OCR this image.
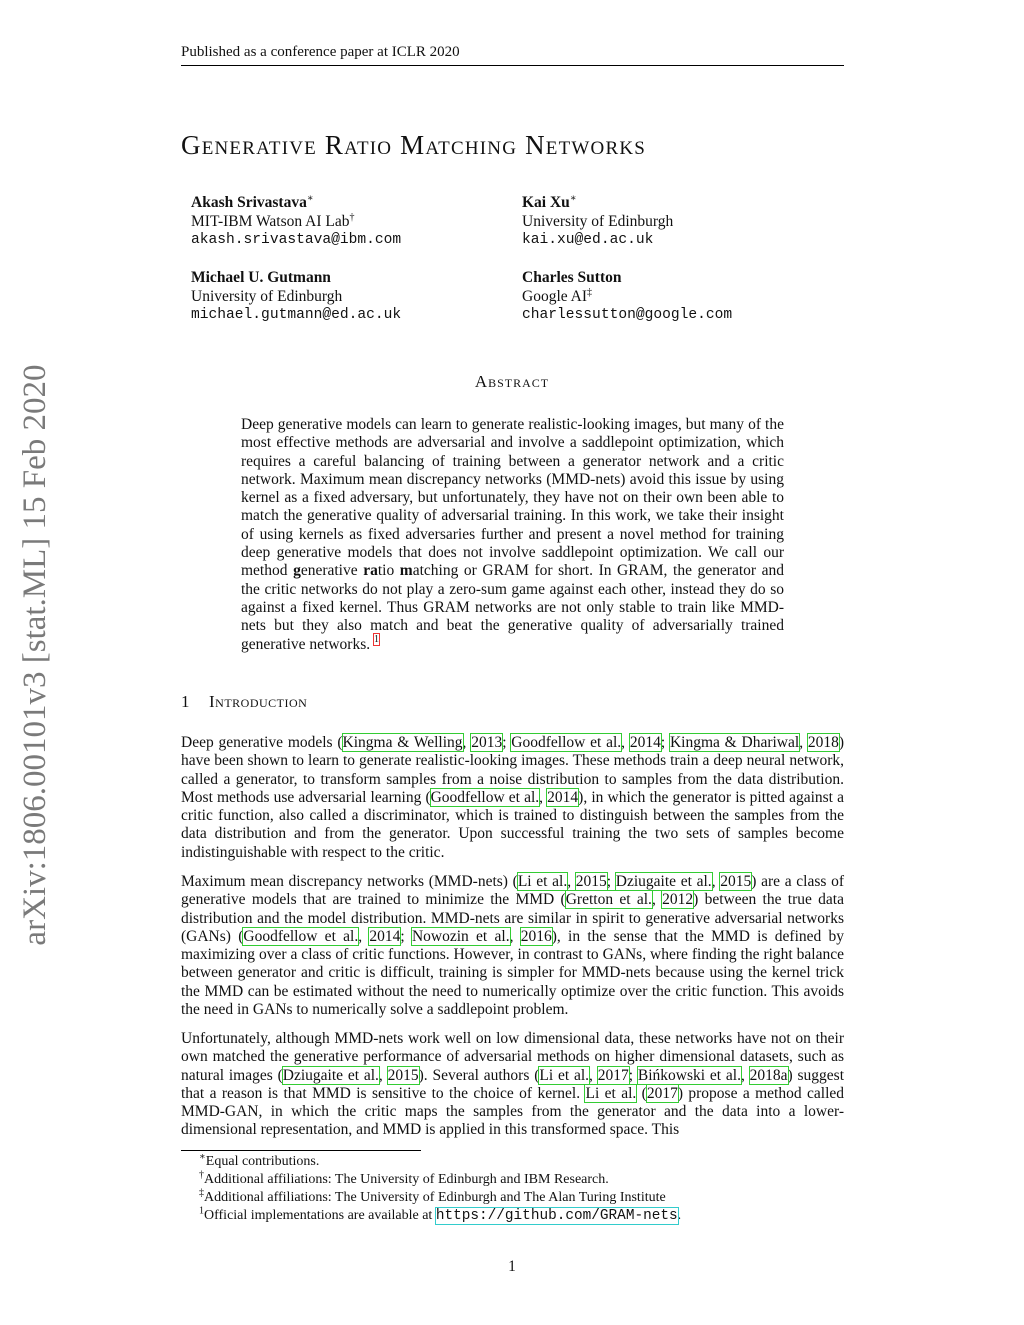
arXiv:1806.00101v3 [stat.ML] 15 Feb 2020
Published as a conference paper at ICLR 2020
Generative Ratio Matching Networks
Akash Srivastava∗
MIT-IBM Watson AI Lab†
akash.srivastava@ibm.com
Kai Xu∗
University of Edinburgh
kai.xu@ed.ac.uk
Michael U. Gutmann
University of Edinburgh
michael.gutmann@ed.ac.uk
Charles Sutton
Google AI‡
charlessutton@google.com
Abstract
Deep generative models can learn to generate realistic-looking images, but many of the most effective methods are adversarial and involve a saddlepoint optimization, which requires a careful balancing of training between a generator network and a critic network. Maximum mean discrepancy networks (MMD-nets) avoid this issue by using kernel as a fixed adversary, but unfortunately, they have not on their own been able to match the generative quality of adversarial training. In this work, we take their insight of using kernels as fixed adversaries further and present a novel method for training deep generative models that does not involve saddlepoint optimization. We call our method generative ratio matching or GRAM for short. In GRAM, the generator and the critic networks do not play a zero-sum game against each other, instead they do so against a fixed kernel. Thus GRAM networks are not only stable to train like MMD-nets but they also match and beat the generative quality of adversarially trained generative networks. $^1$
1 Introduction
Deep generative models (Kingma & Welling, 2013; Goodfellow et al., 2014; Kingma & Dhariwal, 2018) have been shown to learn to generate realistic-looking images. These methods train a deep neural network, called a generator, to transform samples from a noise distribution to samples from the data distribution. Most methods use adversarial learning (Goodfellow et al., 2014), in which the generator is pitted against a critic function, also called a discriminator, which is trained to distinguish between the samples from the data distribution and from the generator. Upon successful training the two sets of samples become indistinguishable with respect to the critic.
Maximum mean discrepancy networks (MMD-nets) (Li et al., 2015; Dziugaite et al., 2015) are a class of generative models that are trained to minimize the MMD (Gretton et al., 2012) between the true data distribution and the model distribution. MMD-nets are similar in spirit to generative adversarial networks (GANs) (Goodfellow et al., 2014; Nowozin et al., 2016), in the sense that the MMD is defined by maximizing over a class of critic functions. However, in contrast to GANs, where finding the right balance between generator and critic is difficult, training is simpler for MMD-nets because using the kernel trick the MMD can be estimated without the need to numerically optimize over the critic function. This avoids the need in GANs to numerically solve a saddlepoint problem.
Unfortunately, although MMD-nets work well on low dimensional data, these networks have not on their own matched the generative performance of adversarial methods on higher dimensional datasets, such as natural images (Dziugaite et al., 2015). Several authors (Li et al., 2017; Bińkowski et al., 2018a) suggest that a reason is that MMD is sensitive to the choice of kernel. Li et al. (2017) propose a method called MMD-GAN, in which the critic maps the samples from the generator and the data into a lower-dimensional representation, and MMD is applied in this transformed space. This
∗Equal contributions.
†Additional affiliations: The University of Edinburgh and IBM Research.
‡Additional affiliations: The University of Edinburgh and The Alan Turing Institute
$^1$Official implementations are available at https://github.com/GRAM-nets.
1
